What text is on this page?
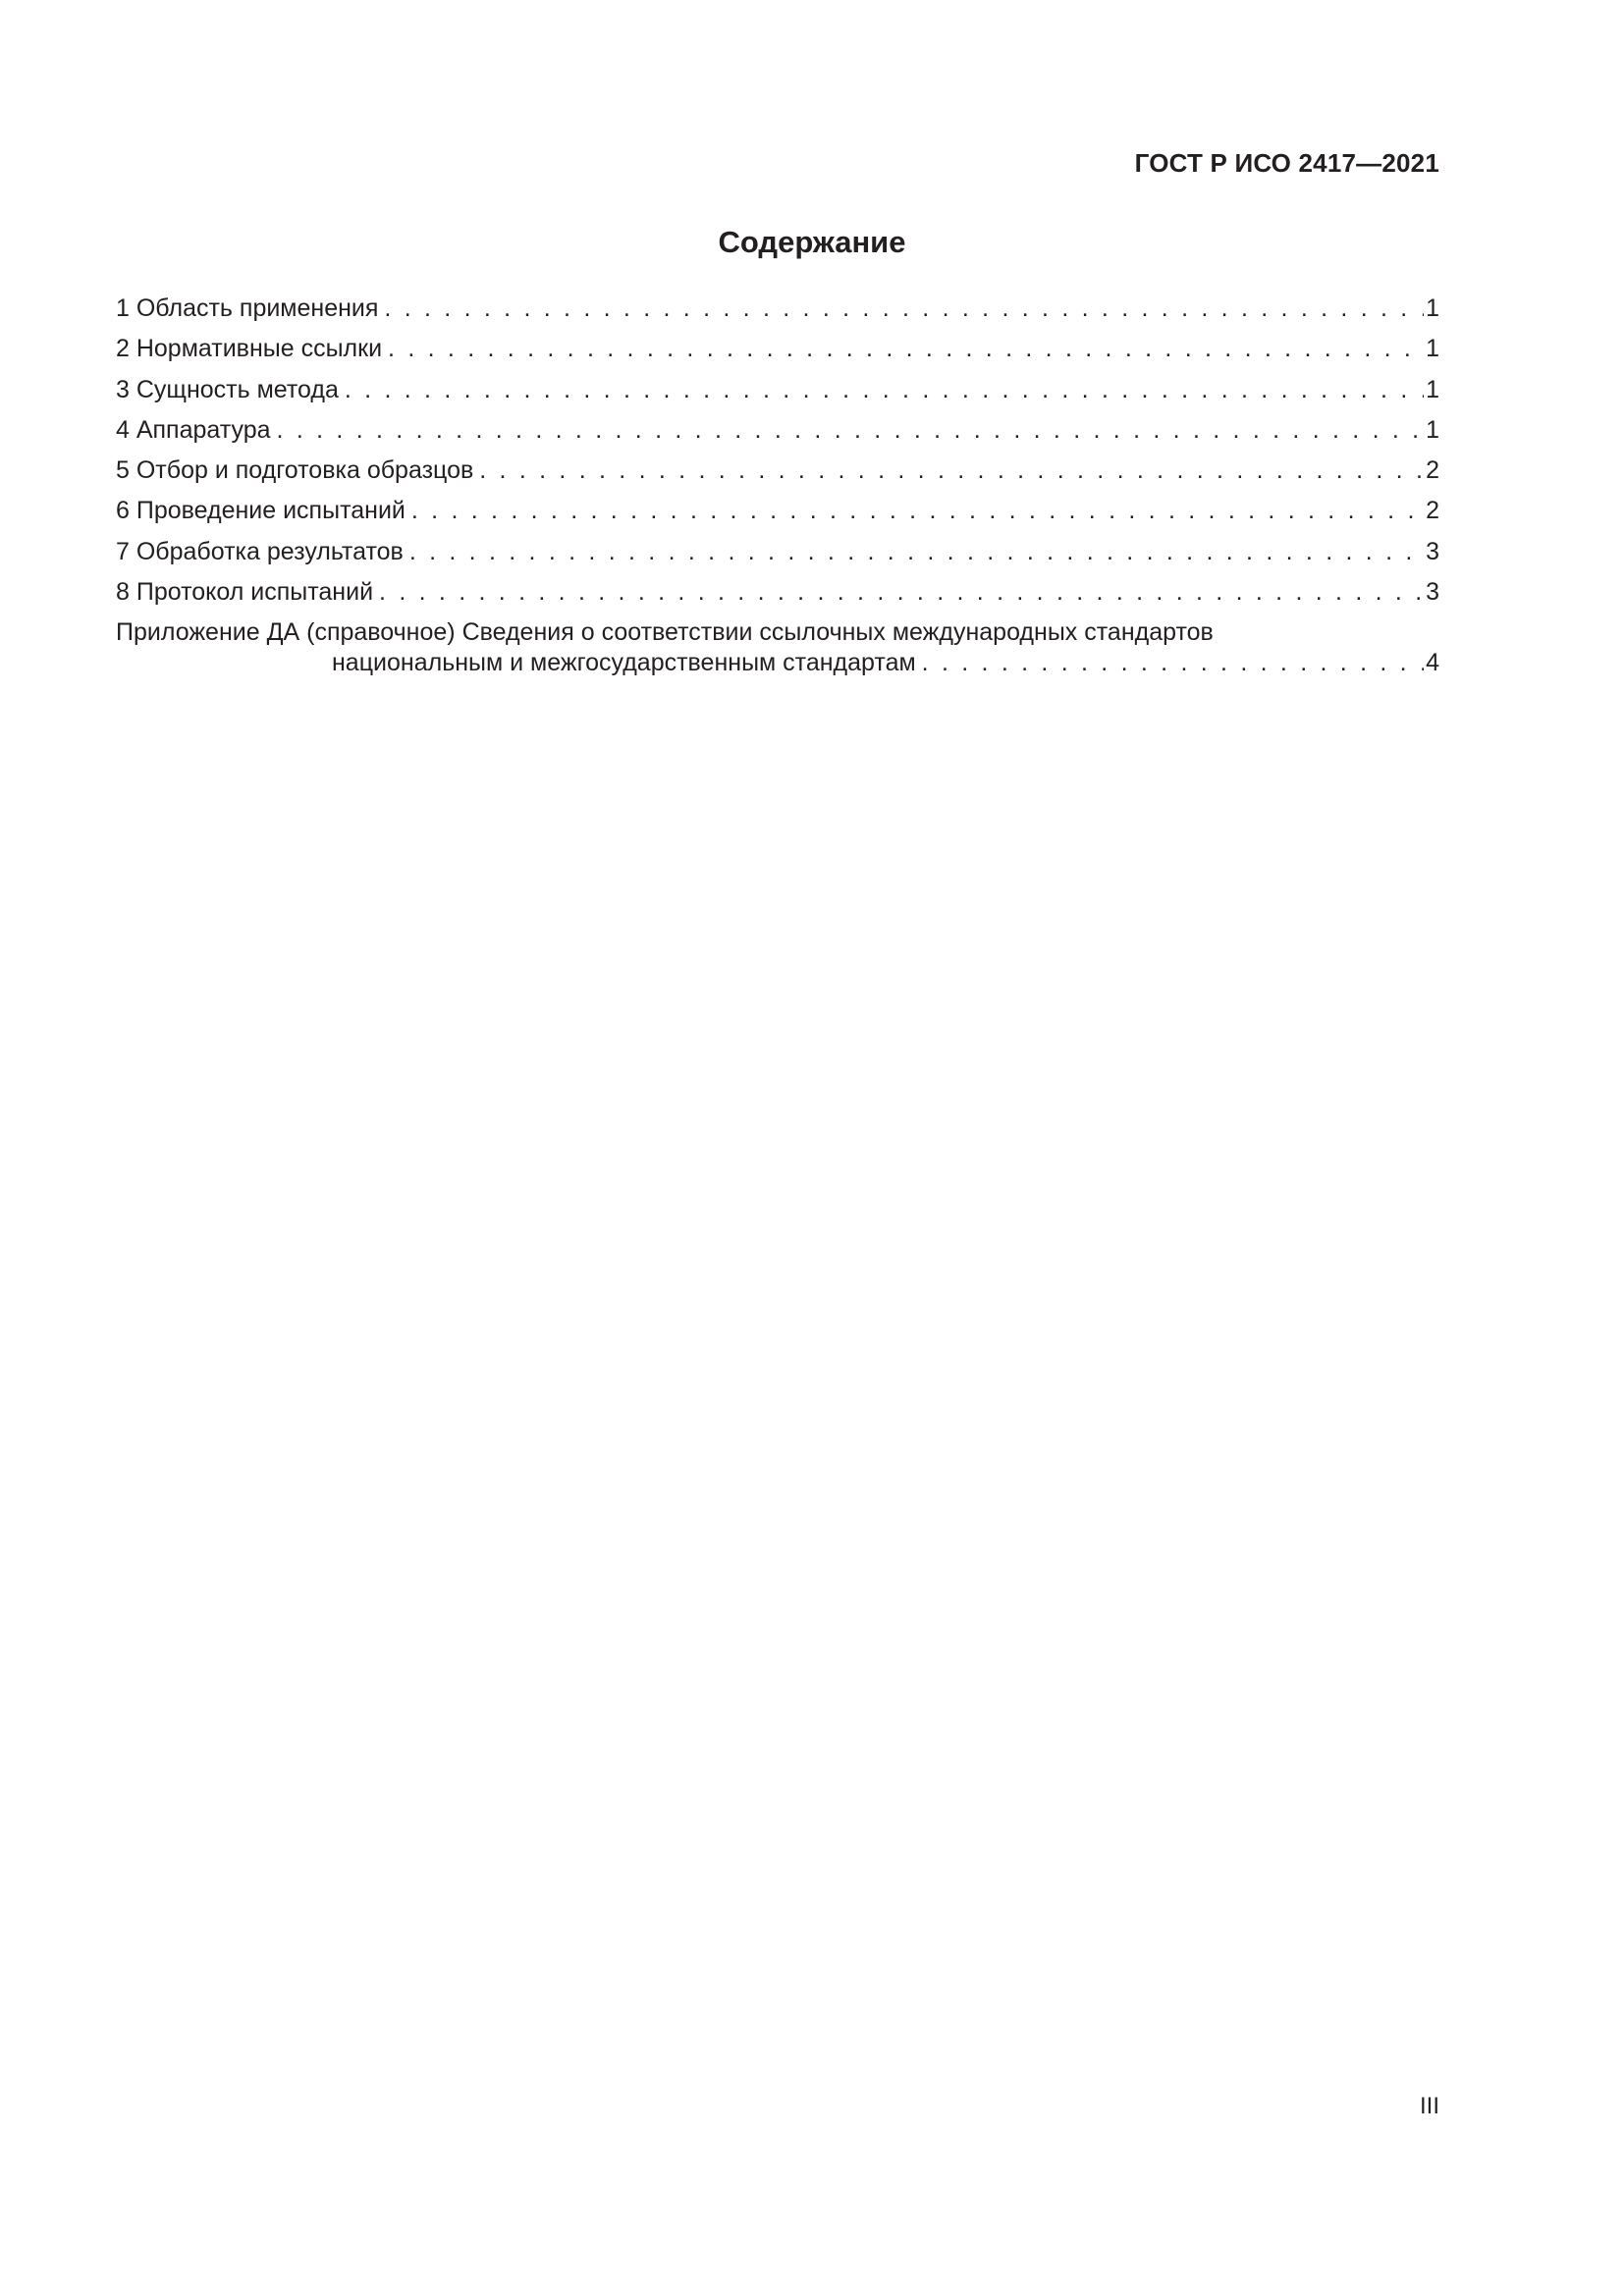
ГОСТ Р ИСО 2417—2021
Содержание
1 Область применения . . .	1
2 Нормативные ссылки . . .	1
3 Сущность метода . . .	1
4 Аппаратура . . .	1
5 Отбор и подготовка образцов . . .	2
6 Проведение испытаний . . .	2
7 Обработка результатов . . .	3
8 Протокол испытаний . . .	3
Приложение ДА (справочное) Сведения о соответствии ссылочных международных стандартов
национальным и межгосударственным стандартам . . .	4
III
